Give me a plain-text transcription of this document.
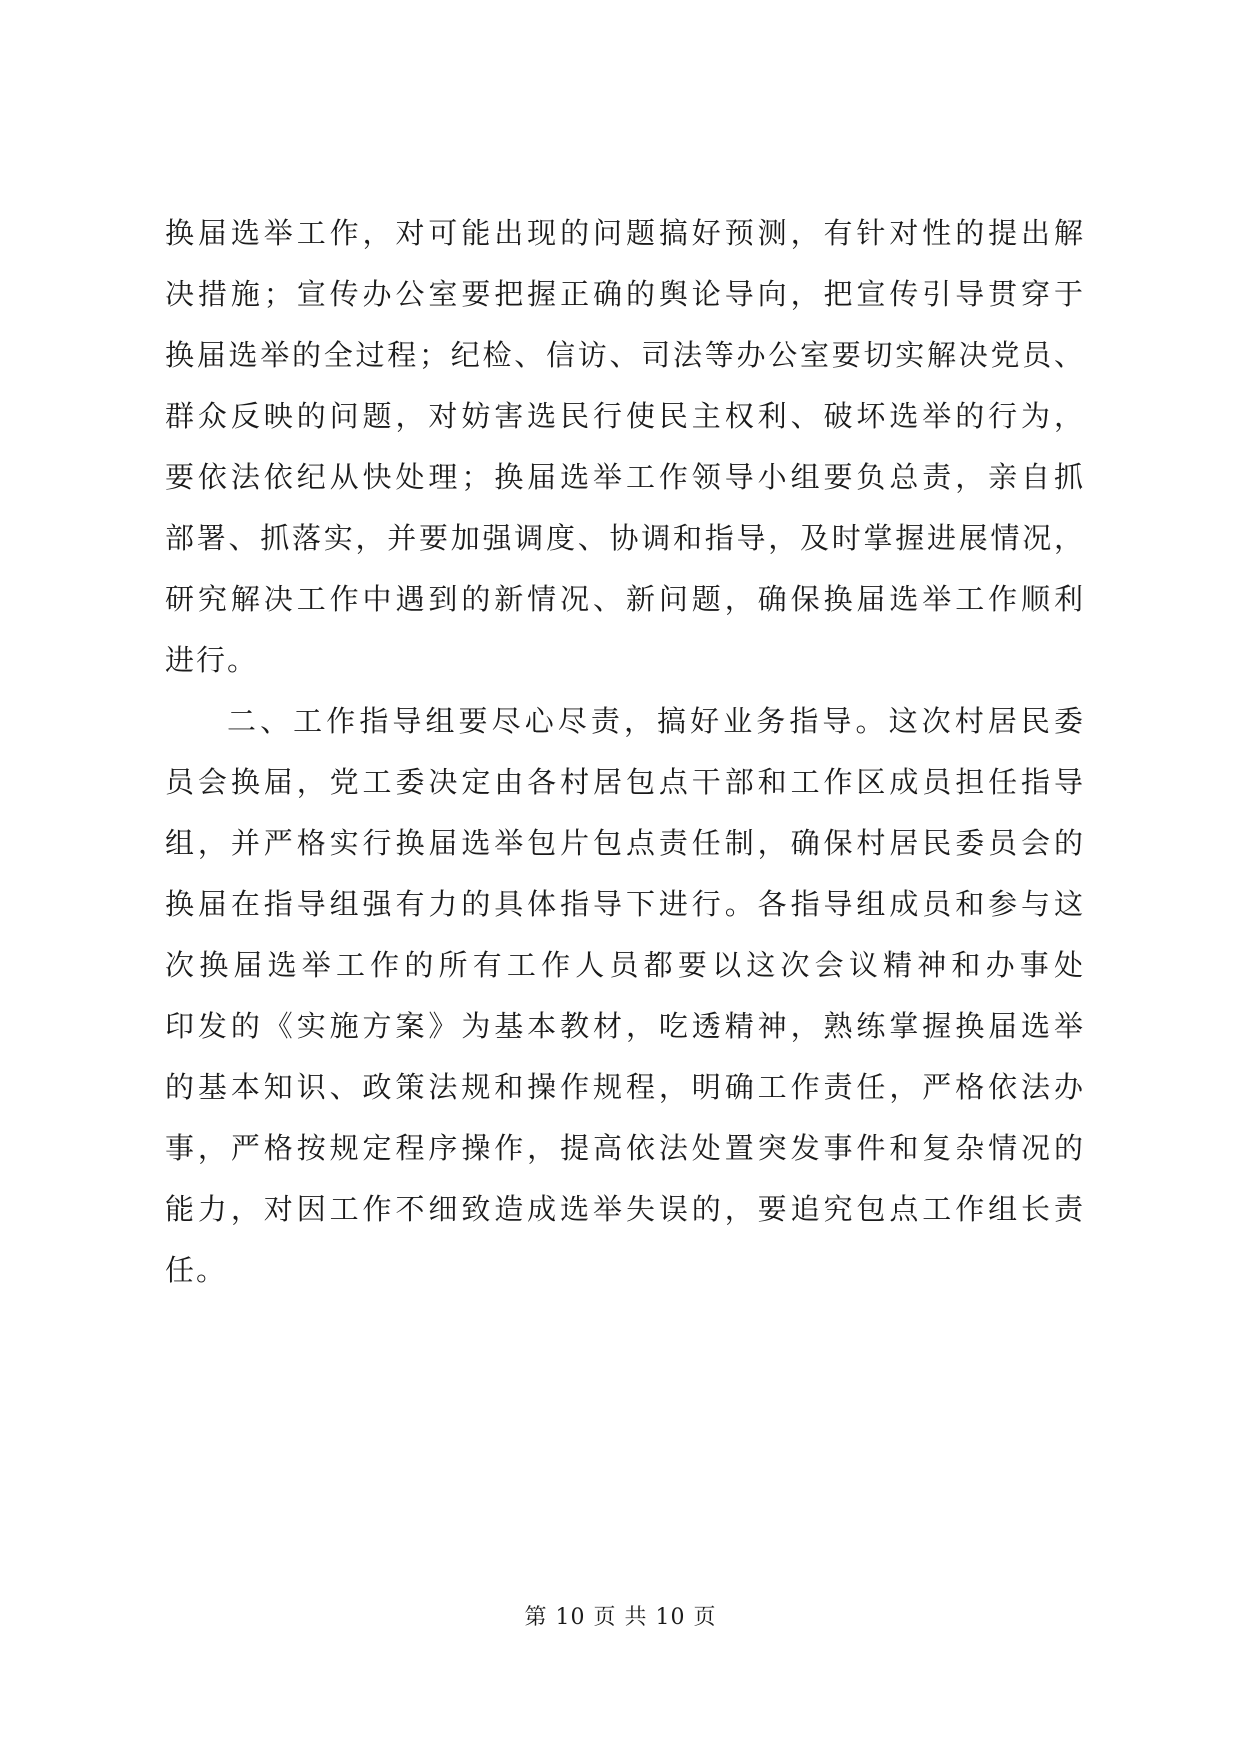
换届选举工作，对可能出现的问题搞好预测，有针对性的提出解
决措施；宣传办公室要把握正确的舆论导向，把宣传引导贯穿于
换届选举的全过程；纪检、信访、司法等办公室要切实解决党员、
群众反映的问题，对妨害选民行使民主权利、破坏选举的行为，
要依法依纪从快处理；换届选举工作领导小组要负总责，亲自抓
部署、抓落实，并要加强调度、协调和指导，及时掌握进展情况，
研究解决工作中遇到的新情况、新问题，确保换届选举工作顺利
进行。
二、工作指导组要尽心尽责，搞好业务指导。这次村居民委
员会换届，党工委决定由各村居包点干部和工作区成员担任指导
组，并严格实行换届选举包片包点责任制，确保村居民委员会的
换届在指导组强有力的具体指导下进行。各指导组成员和参与这
次换届选举工作的所有工作人员都要以这次会议精神和办事处
印发的《实施方案》为基本教材，吃透精神，熟练掌握换届选举
的基本知识、政策法规和操作规程，明确工作责任，严格依法办
事，严格按规定程序操作，提高依法处置突发事件和复杂情况的
能力，对因工作不细致造成选举失误的，要追究包点工作组长责
任。
第 10 页 共 10 页
